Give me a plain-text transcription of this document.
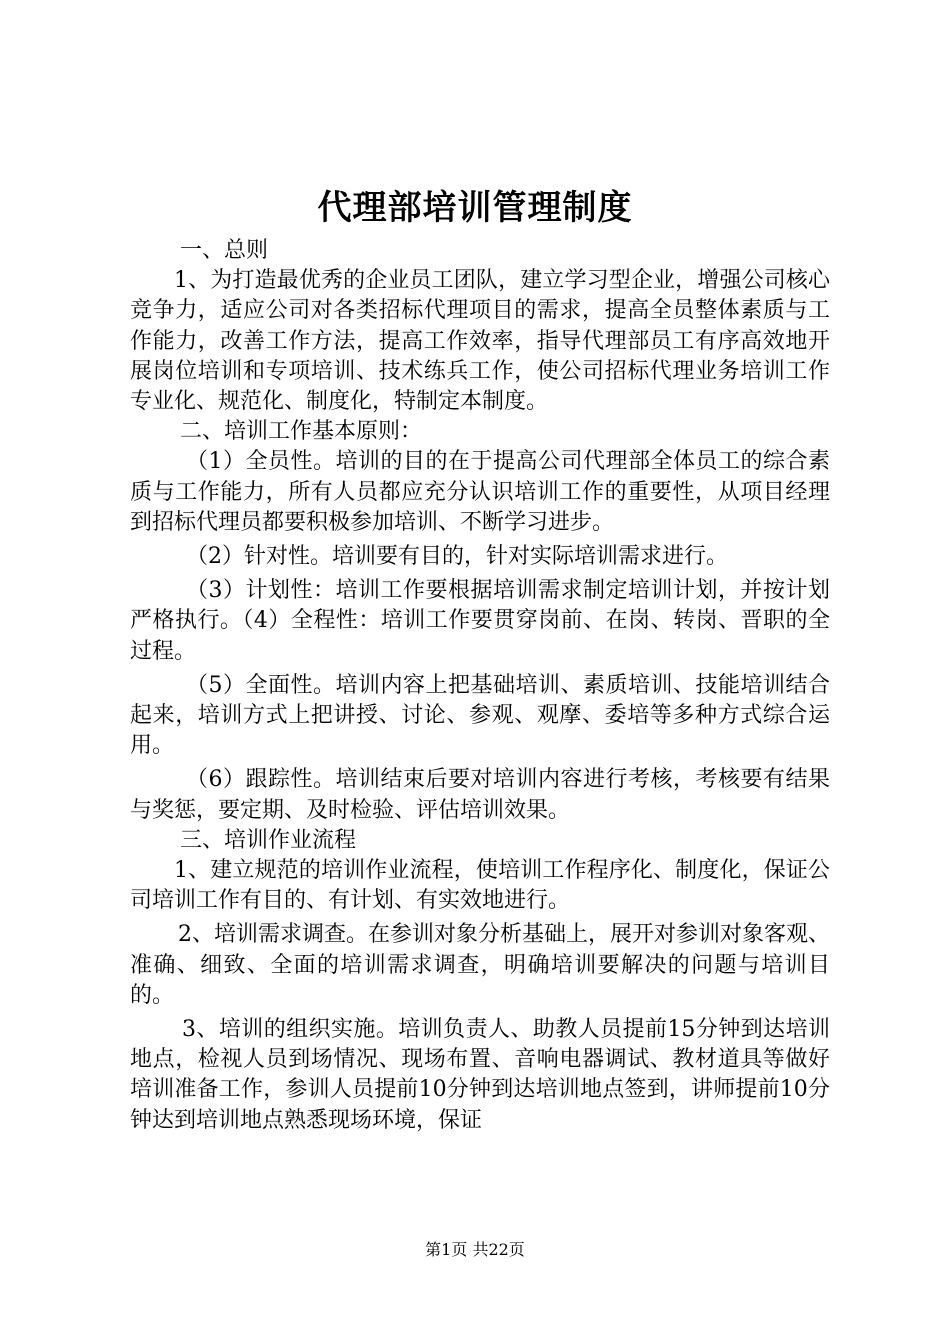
代理部培训管理制度

一、总则

1、为打造最优秀的企业员工团队，建立学习型企业，增强公司核心竞争力，适应公司对各类招标代理项目的需求，提高全员整体素质与工作能力，改善工作方法，提高工作效率，指导代理部员工有序高效地开展岗位培训和专项培训、技术练兵工作，使公司招标代理业务培训工作专业化、规范化、制度化，特制定本制度。

二、培训工作基本原则：

（1）全员性。培训的目的在于提高公司代理部全体员工的综合素质与工作能力，所有人员都应充分认识培训工作的重要性，从项目经理到招标代理员都要积极参加培训、不断学习进步。

（2）针对性。培训要有目的，针对实际培训需求进行。

（3）计划性：培训工作要根据培训需求制定培训计划，并按计划严格执行。（4）全程性：培训工作要贯穿岗前、在岗、转岗、晋职的全过程。

（5）全面性。培训内容上把基础培训、素质培训、技能培训结合起来，培训方式上把讲授、讨论、参观、观摩、委培等多种方式综合运用。

（6）跟踪性。培训结束后要对培训内容进行考核，考核要有结果与奖惩，要定期、及时检验、评估培训效果。

三、培训作业流程

1、建立规范的培训作业流程，使培训工作程序化、制度化，保证公司培训工作有目的、有计划、有实效地进行。

2、培训需求调查。在参训对象分析基础上，展开对参训对象客观、准确、细致、全面的培训需求调查，明确培训要解决的问题与培训目的。

3、培训的组织实施。培训负责人、助教人员提前15分钟到达培训地点，检视人员到场情况、现场布置、音响电器调试、教材道具等做好培训准备工作，参训人员提前10分钟到达培训地点签到，讲师提前10分钟达到培训地点熟悉现场环境，保证

第1页 共22页
